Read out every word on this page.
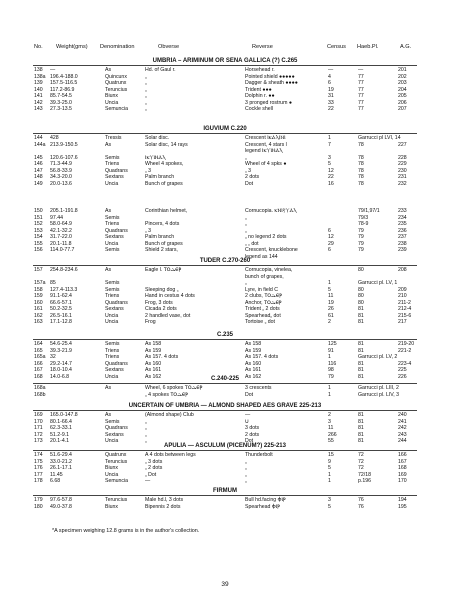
No. Weight(gms) Denomination	Obverse	Reverse	Census Haeb.Pl.	A.G.
UMBRIA – ARIMINUM OR SENA GALLICA (?) C.265
138 —	As	Hd. of Gaul r.	Horsehead r.	—	—	201
138a 196.4-188.0	Quincunx	„	Pointed shield ●●●●●	4	77	202
139 157.5-116.5	Quatrunx	„	Dagger & sheath ●●●●	6	77	203
140 117.2-86.9	Teruncius	„	Trident ●●●	19	77	204
141 85.7-54.5	Biunx	„	Dolphin r. ●●	31	77	205
142 39.3-25.0	Uncia	„	3 pronged rostrum ●	33	77	206
143 27.3-13.5	Semuncia	„	Cockle shell	22	77	207
IGUVIUM C.220
144 428	Tressis	Solar disc.	Crescent ⲒⲔⲀⲖⲒⲚⲒ	1	Garrucci pl LVI, 14
144a 213.9-150.5	As	Solar disc, 14 rays	Crescent, 4 stars l	7	78	227
legend ⲒⲔⲨⲒⲚⲀⲖ
145 120.6-107.6	Semis	ⲒⲔⲨⲒⲚⲀⲖ	„	3	78	228
146 71.3-44.9	Triens	Wheel 4 spokes,	Wheel of 4 spks ●	5	78	229
147 56.8-33.9	Quadrans	„ 3	„ 3	12	78	230
148 34.3-20.0	Sextans	Palm branch	2 dots	22	78	231
149 20.0-13.6	Uncia	Bunch of grapes	Dot	16	78	232
150 205.1-191.8	As	Corinthian helmet,	Cornucopia. ⲔⲚⲒⲊⲨⲀⲖ	79/1,97/1	233
151 97.44	Semis	„	79/3	234
152 58.0-64.9	Triens	Pincers, 4 dots	„	78-9	235
153 42.1-32.2	Quadrans	„ 3	„	6	79	236
154 31.7-22.0	Sextans	Palm branch	„ no legend 2 dots	12	79	237
155 20.1-11.8	Uncia	Bunch of grapes	„ „ dot	29	79	238
156 114.0-77.7	Semis	Shield 2 stars,	Crescent, knucklebone	6	79	239
legend as 144
TUDER C.270-260
157 254.8-234.6	As	Eagle l. ⲦⲞⲆⲈⲢ	Cornucopia, vinelea,	80	208
bunch of grapes,
157a 85	Semis	„	1	Garrucci pl. LV, 1
158 127.4-113.3	Semis	Sleeping dog „	Lyre, in field C	5	80	209
159 91.1-62.4	Triens	Hand in cestus 4 dots	2 clubs, ⲦⲞⲆⲈⲢ	11	80	210
160 66.6-57.1	Quadrans	Frog, 3 dots	Anchor, ⲦⲞⲆⲈⲢ	19	80	211-2
161 50.2-32.5	Sextans	Cicada 2 dots	Trident „ 2 dots	26	81	212-4
162 26.5-16.1	Uncia	2 handled vase, dot	Spearhead„ dot	61	81	215-6
163 17.1-12.8	Uncia	Frog	Tortoise „ dot	2	81	217
C.235
164 54.6-25.4	Semis	As 158	As 158	125	81	219-20
165 39.3-21.9	Triens	As 159	As 159	91	81	221-2
165a 32	Triens	As 157. 4 dots	As 157. 4 dots	1	Garrucci pl. LV, 2
166 29.2-14.7	Quadrans	As 160	As 160	116	81	223-4
167 18.0-10.4	Sextans	As 161	As 161	98	81	225
168 14.0-6.8	Uncia	As 162	As 162	79	81	226
C.240-225
168a	As	Wheel, 6 spokes ⲦⲞⲆⲈⲢ	3 crescents	1	Garrucci pl. LIII, 2
168b	„ 4 spokes ⲦⲞⲆⲈⲢ	Dot	1	Garrucci pl. LIV, 3
UNCERTAIN OF UMBRIA — ALMOND SHAPED AES GRAVE 225-213
169 165.0-147.8	As	(Almond shape) Club	—	2	81	240
170 80.1-66.4	Semis	„	ᑌ	3	81	241
171 62.3-33.1	Quadrans	„	3 dots	11	81	242
172 51.2-9.1	Sextans	„	2 dots	266	81	243
173 20.1-4.1	Uncia	„	Dot	55	81	244
APULIA — ASCULUM (PICENUM?) 225-213
174 51.6-29.4	Quatrunx	A 4 dots between legs	Thunderbolt	15	72	166
175 33.0-21.2	Teruncius	„ 3 dots	„	9	72	167
176 26.1-17.1	Biunx	„ 2 dots	„	5	72	168
177 11.45	Uncia	„ Dot	„	1	72/18	169
178 6.68	Semuncia	—	„	1	p.196	170
FIRMUM
179 97.6-57.8	Teruncius	Male hd.l, 3 dots	Bull hd.facing ⲪⲒⲢ	3	76	194
180 49.0-37.8	Biunx	Bipennis 2 dots	Spearhead ⲪⲒⲢ	5	76	195
*A specimen weighing 12.8 grams is in the author's collection.
39
